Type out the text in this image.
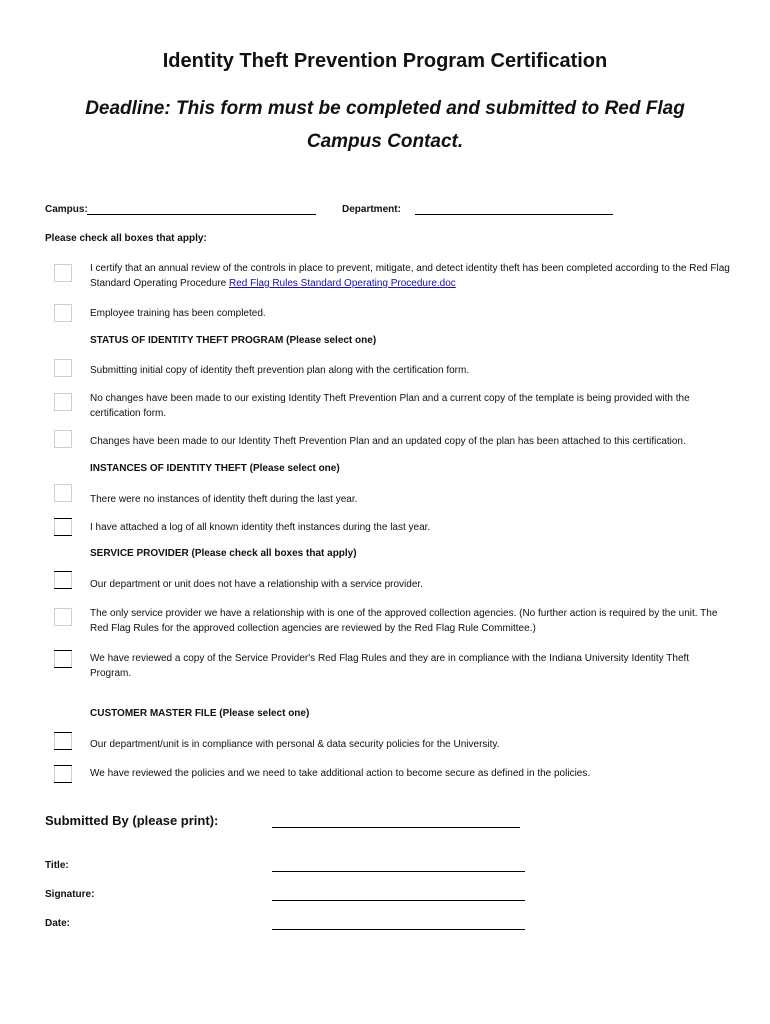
Identity Theft Prevention Program Certification
Deadline: This form must be completed and submitted to Red Flag Campus Contact.
Campus:	Department:
Please check all boxes that apply:
I certify that an annual review of the controls in place to prevent, mitigate, and detect identity theft has been completed according to the Red Flag Standard Operating Procedure Red Flag Rules Standard Operating Procedure.doc
Employee training has been completed.
STATUS OF IDENTITY THEFT PROGRAM (Please select one)
Submitting initial copy of identity theft prevention plan along with the certification form.
No changes have been made to our existing Identity Theft Prevention Plan and a current copy of the template is being provided with the certification form.
Changes have been made to our Identity Theft Prevention Plan and an updated copy of the plan has been attached to this certification.
INSTANCES OF IDENTITY THEFT (Please select one)
There were no instances of identity theft during the last year.
I have attached a log of all known identity theft instances during the last year.
SERVICE PROVIDER (Please check all boxes that apply)
Our department or unit does not have a relationship with a service provider.
The only service provider we have a relationship with is one of the approved collection agencies. (No further action is required by the unit. The Red Flag Rules for the approved collection agencies are reviewed by the Red Flag Rule Committee.)
We have reviewed a copy of the Service Provider's Red Flag Rules and they are in compliance with the Indiana University Identity Theft Program.
CUSTOMER MASTER FILE (Please select one)
Our department/unit is in compliance with personal & data security policies for the University.
We have reviewed the policies and we need to take additional action to become secure as defined in the policies.
Submitted By (please print):
Title:
Signature:
Date:
